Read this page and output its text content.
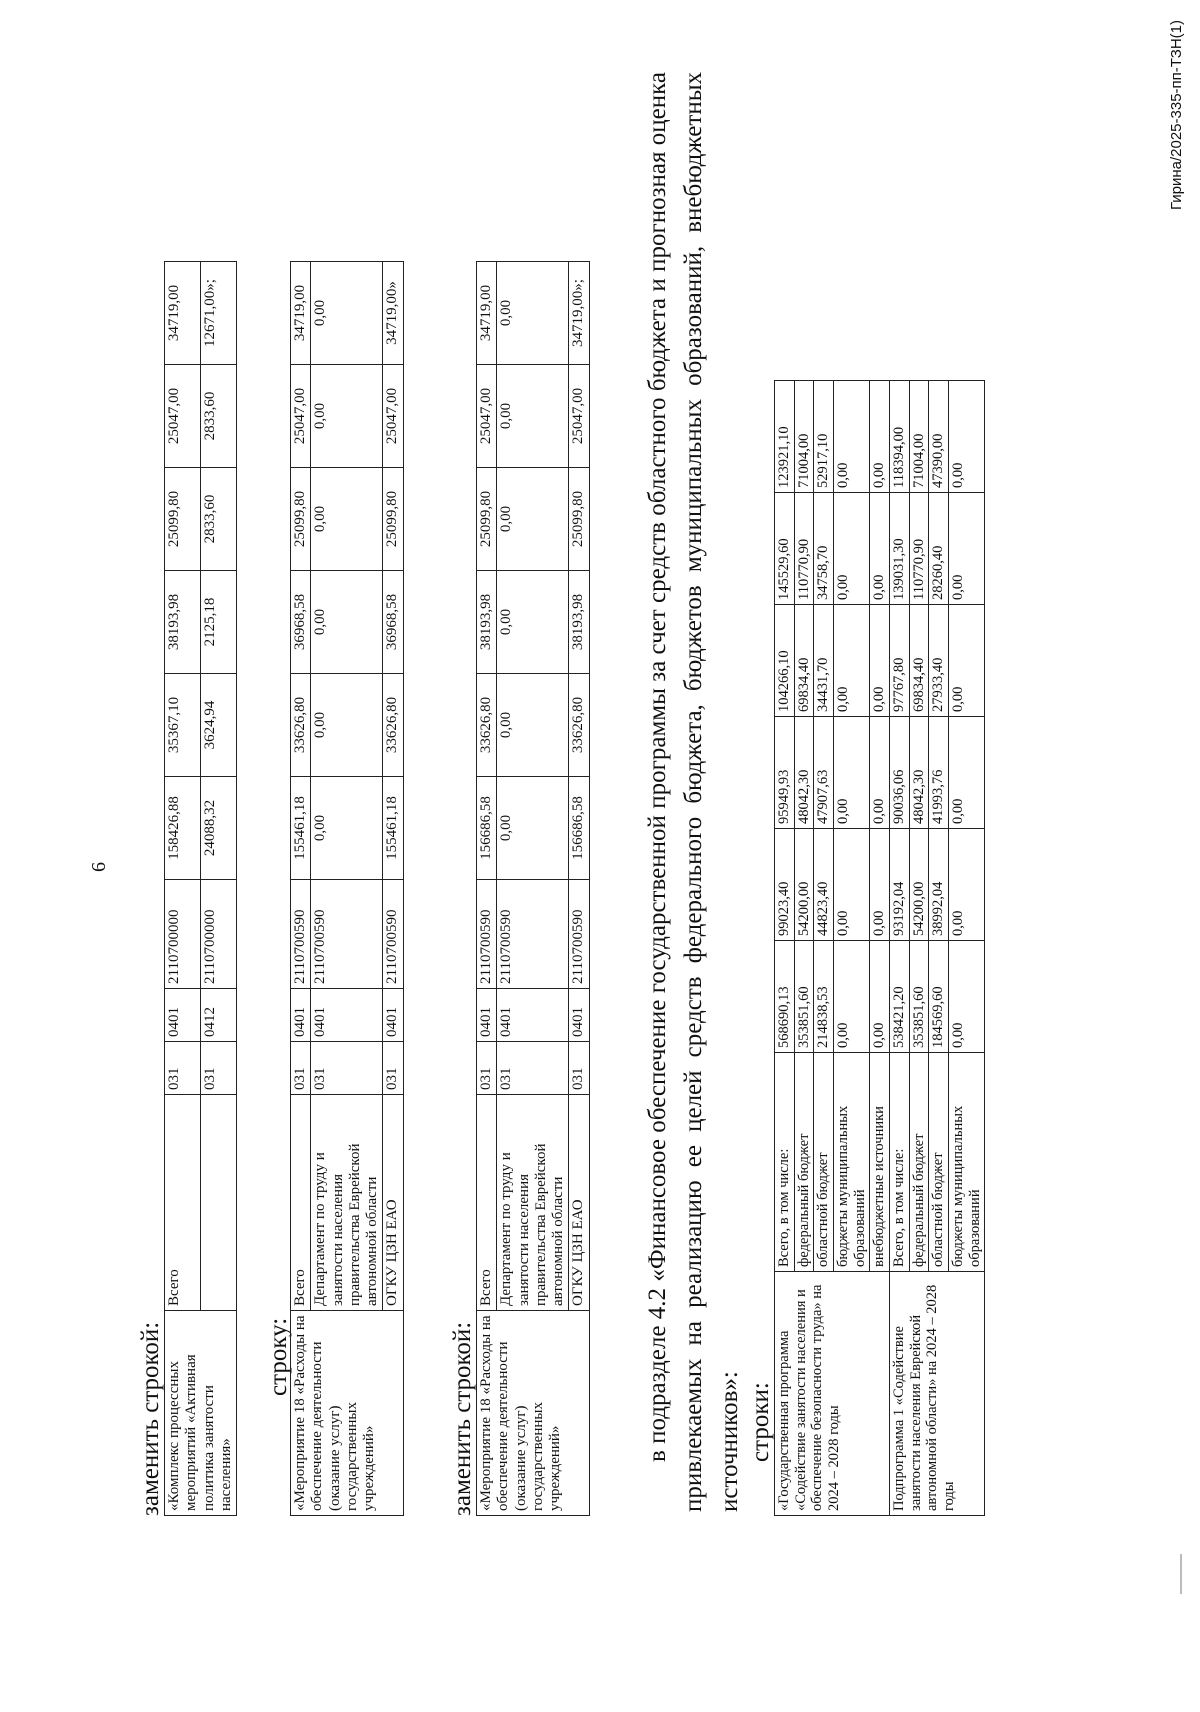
6
заменить строкой: «Комплекс процессных мероприятий «Активная политика занятости населения»	Всего	031	0401	2110700000	158426,88	35367,10	38193,98	25099,80	25047,00	34719,00
		031	0412	2110700000	24088,32	3624,94	2125,18	2833,60	2833,60	12671,00»;
строку: «Мероприятие 18 «Расходы на обеспечение деятельности (оказание услуг) государственных учреждений»	Всего	031	0401	2110700590	155461,18	33626,80	36968,58	25099,80	25047,00	34719,00
	Департамент по труду и занятости населения правительства Еврейской автономной области	031	0401	2110700590	0,00	0,00	0,00	0,00	0,00	0,00
	ОГКУ ЦЗН ЕАО	031	0401	2110700590	155461,18	33626,80	36968,58	25099,80	25047,00	34719,00»
заменить строкой: «Мероприятие 18 «Расходы на обеспечение деятельности (оказание услуг) государственных учреждений»	Всего	031	0401	2110700590	156686,58	33626,80	38193,98	25099,80	25047,00	34719,00
	Департамент по труду и занятости населения правительства Еврейской автономной области	031	0401	2110700590	0,00	0,00	0,00	0,00	0,00	0,00
	ОГКУ ЦЗН ЕАО	031	0401	2110700590	156686,58	33626,80	38193,98	25099,80	25047,00	34719,00»; в подразделе 4.2 «Финансовое обеспечение государственной программы за счет средств областного бюджета и прогнозная оценка привлекаемых на реализацию ее целей средств федерального бюджета, бюджетов муниципальных образований, внебюджетных источников»: строки: «Государственная программа «Содействие занятости населения и обеспечение безопасности труда» на 2024 – 2028 годы	Всего, в том числе:	568690,13	99023,40	95949,93	104266,10	145529,60	123921,10
	федеральный бюджет	353851,60	54200,00	48042,30	69834,40	110770,90	71004,00
	областной бюджет	214838,53	44823,40	47907,63	34431,70	34758,70	52917,10
	бюджеты муниципальных образований	0,00	0,00	0,00	0,00	0,00	0,00
	внебюджетные источники	0,00	0,00	0,00	0,00	0,00	0,00
Подпрограмма 1 «Содействие занятости населения Еврейской автономной области» на 2024 – 2028 годы	Всего, в том числе:	538421,20	93192,04	90036,06	97767,80	139031,30	118394,00
	федеральный бюджет	353851,60	54200,00	48042,30	69834,40	110770,90	71004,00
	областной бюджет	184569,60	38992,04	41993,76	27933,40	28260,40	47390,00
	бюджеты муниципальных образований	0,00	0,00	0,00	0,00	0,00	0,00
Гирина/2025-335-пп-ТЗН(1)
